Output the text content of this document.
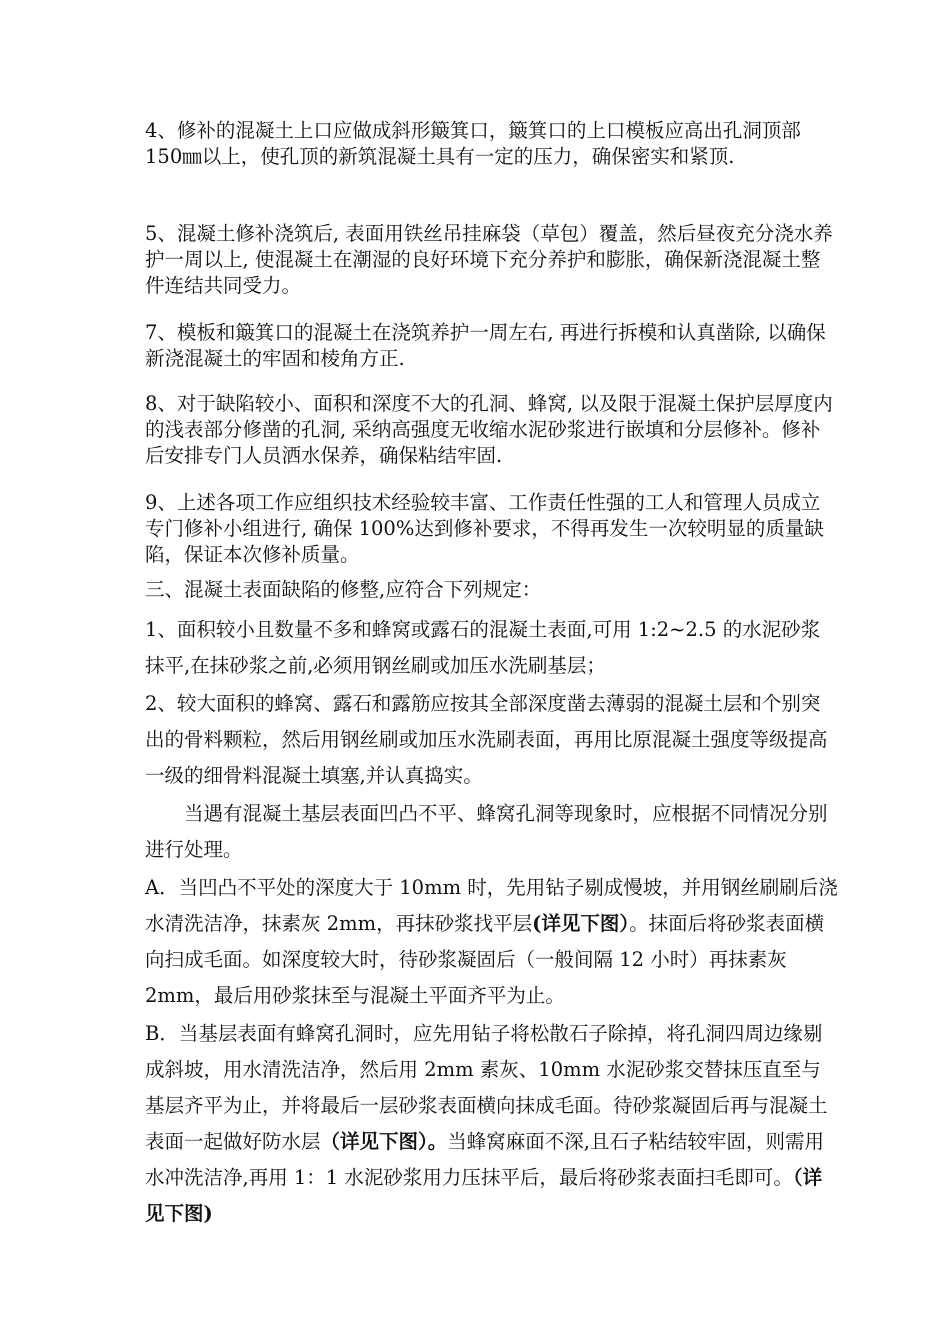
4、修补的混凝土上口应做成斜形簸箕口，簸箕口的上口模板应高出孔洞顶部 150㎜以上，使孔顶的新筑混凝土具有一定的压力，确保密实和紧顶.

5、混凝土修补浇筑后, 表面用铁丝吊挂麻袋（草包）覆盖，然后昼夜充分浇水养护一周以上, 使混凝土在潮湿的良好环境下充分养护和膨胀，确保新浇混凝土整件连结共同受力。

7、模板和簸箕口的混凝土在浇筑养护一周左右, 再进行拆模和认真凿除, 以确保新浇混凝土的牢固和棱角方正.

8、对于缺陷较小、面积和深度不大的孔洞、蜂窝, 以及限于混凝土保护层厚度内的浅表部分修凿的孔洞, 采纳高强度无收缩水泥砂浆进行嵌填和分层修补。修补后安排专门人员洒水保养，确保粘结牢固.

9、上述各项工作应组织技术经验较丰富、工作责任性强的工人和管理人员成立专门修补小组进行, 确保 100%达到修补要求，不得再发生一次较明显的质量缺陷，保证本次修补质量。

三、混凝土表面缺陷的修整,应符合下列规定：

1、面积较小且数量不多和蜂窝或露石的混凝土表面,可用 1:2~2.5 的水泥砂浆抹平,在抹砂浆之前,必须用钢丝刷或加压水洗刷基层；

2、较大面积的蜂窝、露石和露筋应按其全部深度凿去薄弱的混凝土层和个别突出的骨料颗粒，然后用钢丝刷或加压水洗刷表面，再用比原混凝土强度等级提高一级的细骨料混凝土填塞,并认真捣实。

当遇有混凝土基层表面凹凸不平、蜂窝孔洞等现象时，应根据不同情况分别进行处理。

A．当凹凸不平处的深度大于 10mm 时，先用钻子剔成慢坡，并用钢丝刷刷后浇水清洗洁净，抹素灰 2mm，再抹砂浆找平层(详见下图）。抹面后将砂浆表面横向扫成毛面。如深度较大时，待砂浆凝固后（一般间隔 12 小时）再抹素灰 2mm，最后用砂浆抹至与混凝土平面齐平为止。

B．当基层表面有蜂窝孔洞时，应先用钻子将松散石子除掉，将孔洞四周边缘剔成斜坡，用水清洗洁净，然后用 2mm 素灰、10mm 水泥砂浆交替抹压直至与基层齐平为止，并将最后一层砂浆表面横向抹成毛面。待砂浆凝固后再与混凝土表面一起做好防水层（详见下图）。当蜂窝麻面不深,且石子粘结较牢固，则需用水冲洗洁净,再用 1：1 水泥砂浆用力压抹平后，最后将砂浆表面扫毛即可。（详见下图)
